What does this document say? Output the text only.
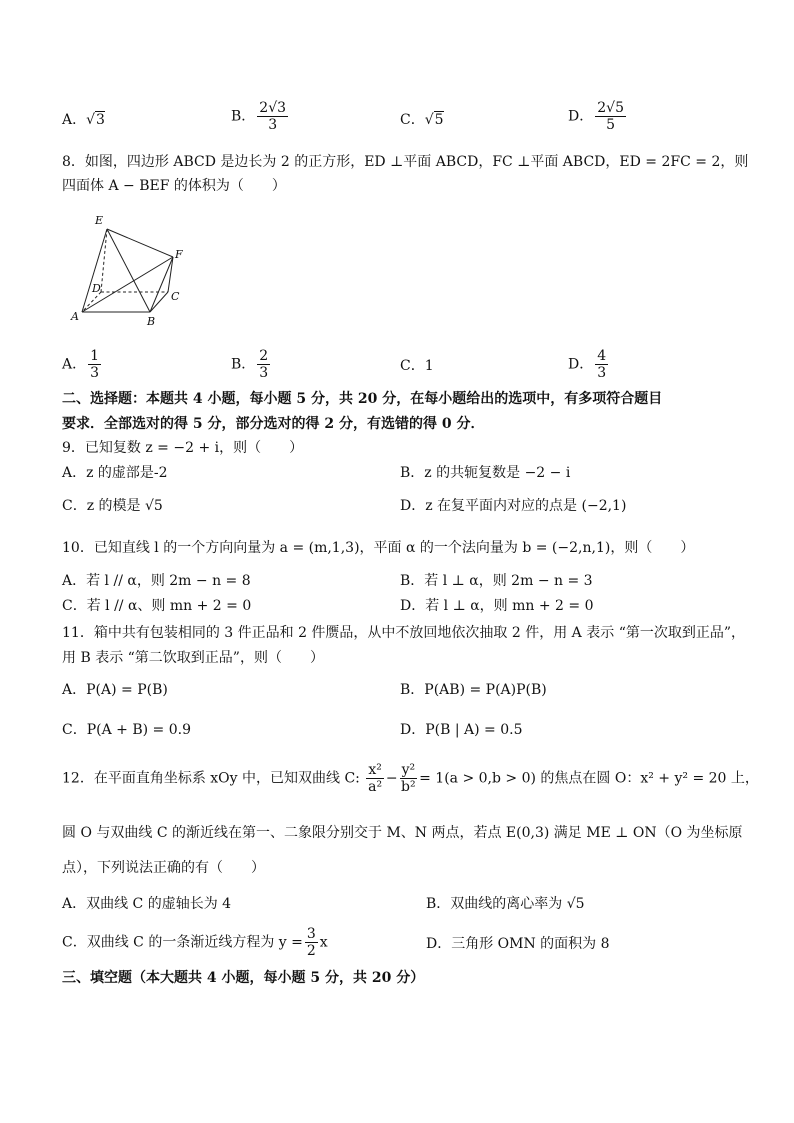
A．√3	B． $\frac{2√3}{3}$	C．√5	D． $\frac{2√5}{5}$
8．如图，四边形 ABCD 是边长为 2 的正方形，ED ⊥平面 ABCD，FC ⊥平面 ABCD，ED = 2FC = 2，则
四面体 A − BEF 的体积为（　　）
E
F
D
C
A	B
A． $\frac{1}{3}$	B． $\frac{2}{3}$	C．1	D． $\frac{4}{3}$
二、选择题：本题共 4 小题，每小题 5 分，共 20 分，在每小题给出的选项中，有多项符合题目
要求．全部选对的得 5 分，部分选对的得 2 分，有选错的得 0 分．
9．已知复数 z = −2 + i，则（　　）
A．z 的虚部是-2	B．z 的共轭复数是 −2 − i
C．z 的模是 √5	D．z 在复平面内对应的点是 (−2,1)
10．已知直线 l 的一个方向向量为 a = (m,1,3)，平面 α 的一个法向量为 b = (−2,n,1)，则（　　）
A．若 l // α，则 2m − n = 8	B．若 l ⊥ α，则 2m − n = 3
C．若 l // α、则 mn + 2 = 0	D．若 l ⊥ α，则 mn + 2 = 0
11．箱中共有包装相同的 3 件正品和 2 件赝品，从中不放回地依次抽取 2 件，用 A 表示 “第一次取到正品”，
用 B 表示 “第二饮取到正品”，则（　　）
A．P(A) = P(B)	B．P(AB) = P(A)P(B)
C．P(A + B) = 0.9	D．P(B | A) = 0.5
12．在平面直角坐标系 xOy 中，已知双曲线 C: $\frac{\text{x²}}{\text{a²}} - \frac{\text{y²}}{\text{b²}} = 1(a > 0,b > 0)$ 的焦点在圆 O：x² + y² = 20 上，
圆 O 与双曲线 C 的渐近线在第一、二象限分别交于 M、N 两点，若点 E(0,3) 满足 ME ⊥ ON（O 为坐标原
点），下列说法正确的有（　　）
A．双曲线 C 的虚轴长为 4	B．双曲线的离心率为 √5
C．双曲线 C 的一条渐近线方程为 $y = \frac{3}{2}$ x	D．三角形 OMN 的面积为 8
三、填空题（本大题共 4 小题，每小题 5 分，共 20 分）
